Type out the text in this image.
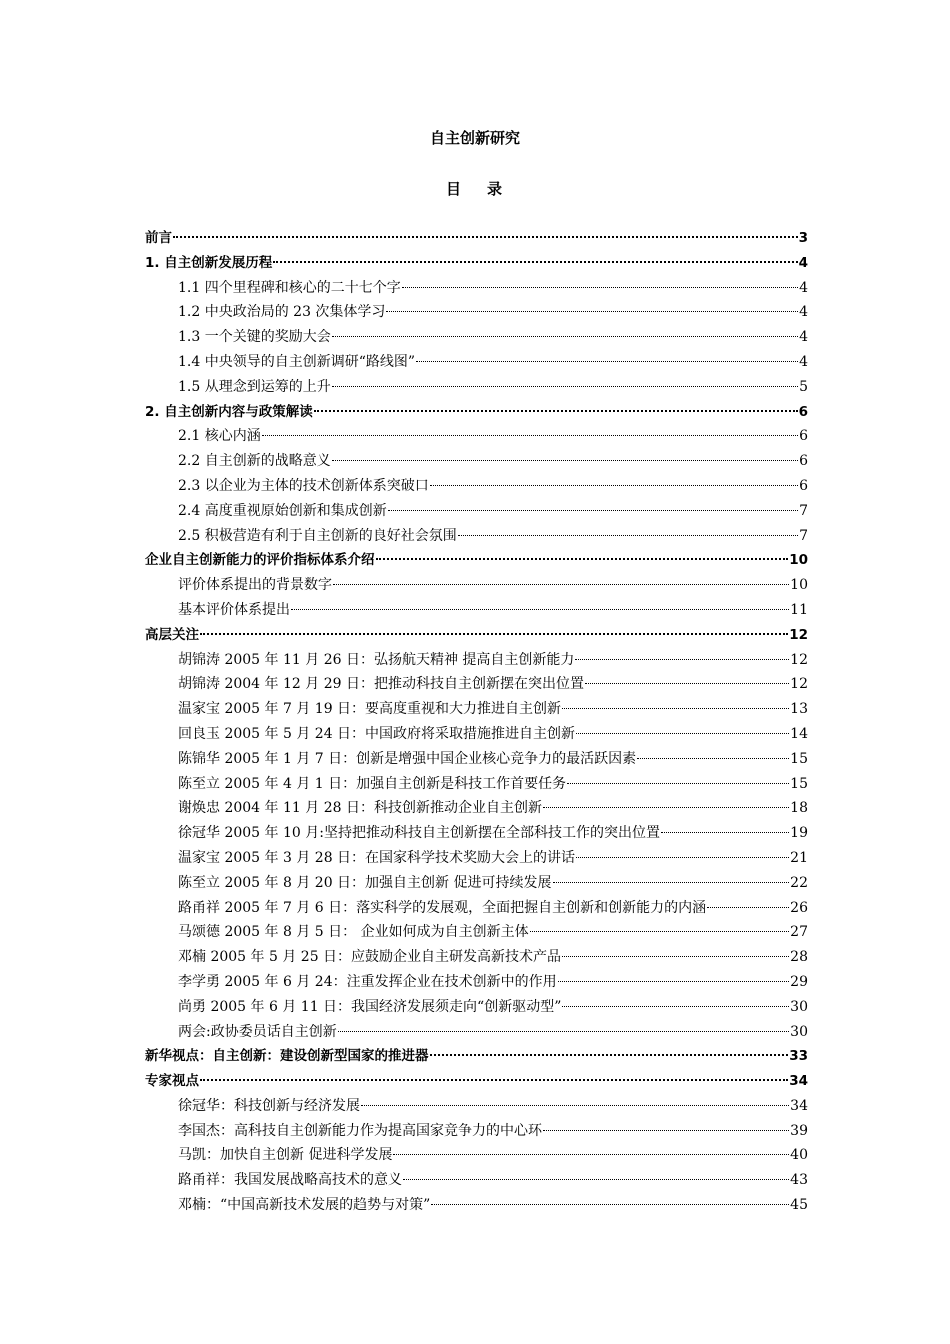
自主创新研究
目 录
前言	3
1. 自主创新发展历程	4
1.1 四个里程碑和核心的二十七个字	4
1.2 中央政治局的 23 次集体学习	4
1.3 一个关键的奖励大会	4
1.4 中央领导的自主创新调研“路线图”	4
1.5 从理念到运筹的上升	5
2. 自主创新内容与政策解读	6
2.1 核心内涵	6
2.2 自主创新的战略意义	6
2.3 以企业为主体的技术创新体系突破口	6
2.4 高度重视原始创新和集成创新	7
2.5 积极营造有利于自主创新的良好社会氛围	7
企业自主创新能力的评价指标体系介绍	10
评价体系提出的背景数字	10
基本评价体系提出	11
高层关注	12
胡锦涛 2005 年 11 月 26 日：弘扬航天精神 提高自主创新能力	12
胡锦涛 2004 年 12 月 29 日：把推动科技自主创新摆在突出位置	12
温家宝 2005 年 7 月 19 日：要高度重视和大力推进自主创新	13
回良玉 2005 年 5 月 24 日：中国政府将采取措施推进自主创新	14
陈锦华 2005 年 1 月 7 日：创新是增强中国企业核心竞争力的最活跃因素	15
陈至立 2005 年 4 月 1 日：加强自主创新是科技工作首要任务	15
谢焕忠 2004 年 11 月 28 日：科技创新推动企业自主创新	18
徐冠华 2005 年 10 月:坚持把推动科技自主创新摆在全部科技工作的突出位置	19
温家宝 2005 年 3 月 28 日：在国家科学技术奖励大会上的讲话	21
陈至立 2005 年 8 月 20 日：加强自主创新 促进可持续发展	22
路甬祥 2005 年 7 月 6 日：落实科学的发展观，全面把握自主创新和创新能力的内涵	26
马颂德 2005 年 8 月 5 日： 企业如何成为自主创新主体	27
邓楠 2005 年 5 月 25 日：应鼓励企业自主研发高新技术产品	28
李学勇 2005 年 6 月 24：注重发挥企业在技术创新中的作用	29
尚勇 2005 年 6 月 11 日：我国经济发展须走向“创新驱动型”	30
两会:政协委员话自主创新	30
新华视点：自主创新：建设创新型国家的推进器	33
专家视点	34
徐冠华：科技创新与经济发展	34
李国杰：高科技自主创新能力作为提高国家竞争力的中心环	39
马凯：加快自主创新 促进科学发展	40
路甬祥：我国发展战略高技术的意义	43
邓楠：“中国高新技术发展的趋势与对策”	45
